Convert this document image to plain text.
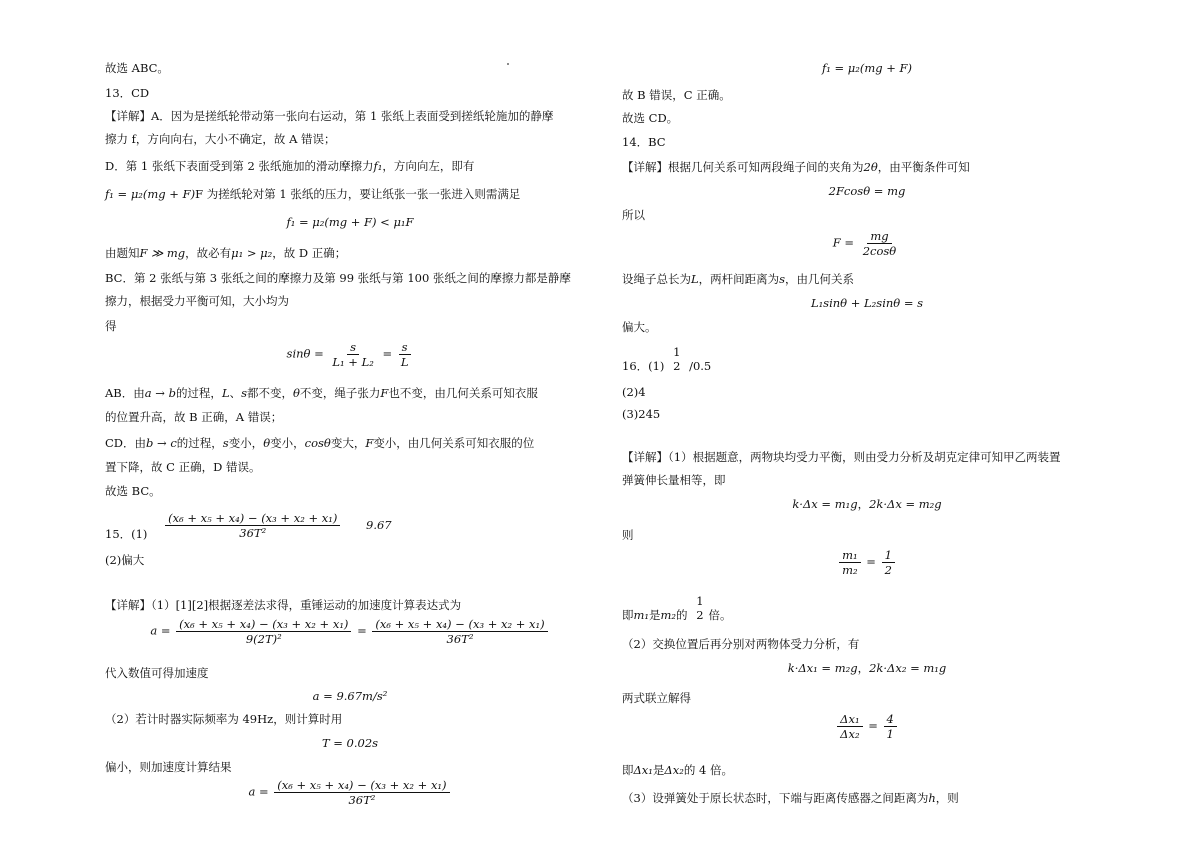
故选 ABC。
13．CD
【详解】A．因为是搓纸轮带动第一张向右运动，第 1 张纸上表面受到搓纸轮施加的静摩
擦力 f，方向向右，大小不确定，故 A 错误；
D．第 1 张纸下表面受到第 2 张纸施加的滑动摩擦力f₁，方向向左，即有
f₁ = μ₂(mg + F)F 为搓纸轮对第 1 张纸的压力，要让纸张一张一张进入则需满足
f₁ = μ₂(mg + F) < μ₁F
由题知F ≫ mg，故必有μ₁ > μ₂，故 D 正确；
BC．第 2 张纸与第 3 张纸之间的摩擦力及第 99 张纸与第 100 张纸之间的摩擦力都是静摩
擦力，根据受力平衡可知，大小均为
得
$\sin\theta = \frac{s}{\text{L₁ + L₂}} = \frac{s}{L}$
AB．由a → b的过程，L、s都不变，θ不变，绳子张力F也不变，由几何关系可知衣服
的位置升高，故 B 正确，A 错误；
CD．由b → c的过程，s变小，θ变小，cosθ变大，F变小，由几何关系可知衣服的位
置下降，故 C 正确，D 错误。
故选 BC。
15．$(1) \frac{\text{(x₆ + x₅ + x₄) − (x₃ + x₂ + x₁)}}{\text{36T²}} 9.67$
(2)偏大
【详解】（1）[1][2]根据逐差法求得，重锤运动的加速度计算表达式为
$a = \frac{\text{(x₆ + x₅ + x₄) − (x₃ + x₂ + x₁)}}{\text{9(2T)²}} = \frac{\text{(x₆ + x₅ + x₄) − (x₃ + x₂ + x₁)}}{\text{36T²}}$
代入数值可得加速度
a = 9.67m/s²
（2）若计时器实际频率为 49Hz，则计算时用
T = 0.02s
偏小，则加速度计算结果
$a = \frac{\text{(x₆ + x₅ + x₄) − (x₃ + x₂ + x₁)}}{\text{36T²}}$
f₁ = μ₂(mg + F)
故 B 错误，C 正确。
故选 CD。
14．BC
【详解】根据几何关系可知两段绳子间的夹角为2θ，由平衡条件可知
2Fcosθ = mg
所以
$F = \frac{mg}{2\cos\theta}$
设绳子总长为L，两杆间距离为s，由几何关系
L₁sinθ + L₂sinθ = s
偏大。
16．(1)
1
2 /0.5
(2)4
(3)245
【详解】（1）根据题意，两物块均受力平衡，则由受力分析及胡克定律可知甲乙两装置
弹簧伸长量相等，即
k·Δx = m₁g，2k·Δx = m₂g
则
$\frac{\text{m₁}}{\text{m₂}} = \frac{1}{2}$
即m₁是m₂的
1
2 倍。
（2）交换位置后再分别对两物体受力分析，有
k·Δx₁ = m₂g，2k·Δx₂ = m₁g
两式联立解得
$\frac{\text{Δx₁}}{\text{Δx₂}} = \frac{4}{1}$
即Δx₁是Δx₂的 4 倍。
（3）设弹簧处于原长状态时，下端与距离传感器之间距离为h，则
